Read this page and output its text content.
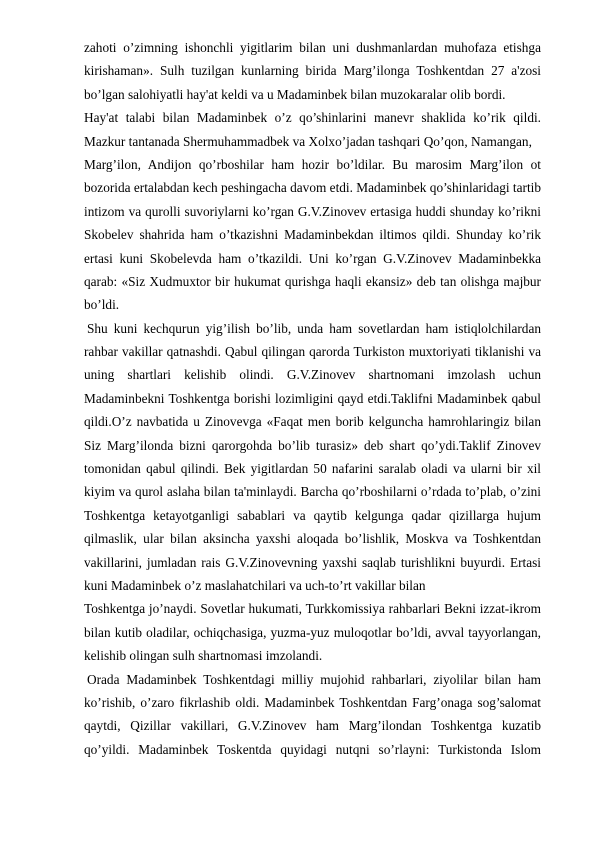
zahoti o’zimning ishonchli yigitlarim bilan uni dushmanlardan muhofaza etishga
kirishaman». Sulh tuzilgan kunlarning birida Marg’ilonga Toshkentdan 27 a'zosi
bo’lgan salohiyatli hay'at keldi va u Madaminbek bilan muzokaralar olib bordi.
Hay'at talabi bilan Madaminbek o’z qo’shinlarini manevr shaklida ko’rik qildi.
Mazkur tantanada Shermuhammadbek va Xolxo’jadan tashqari Qo’qon, Namangan,
Marg’ilon, Andijon qo’rboshilar ham hozir bo’ldilar. Bu marosim Marg’ilon ot
bozorida ertalabdan kech peshingacha davom etdi. Madaminbek qo’shinlaridagi tartib
intizom va qurolli suvoriylarni ko’rgan G.V.Zinovev ertasiga huddi shunday ko’rikni
Skobelev shahrida ham o’tkazishni Madaminbekdan iltimos qildi. Shunday ko’rik
ertasi kuni Skobelevda ham o’tkazildi. Uni ko’rgan G.V.Zinovev Madaminbekka
qarab: «Siz Xudmuxtor bir hukumat qurishga haqli ekansiz» deb tan olishga majbur
bo’ldi.
Shu kuni kechqurun yig’ilish bo’lib, unda ham sovetlardan ham istiqlolchilardan
rahbar vakillar qatnashdi. Qabul qilingan qarorda Turkiston muxtoriyati tiklanishi va
uning shartlari kelishib olindi. G.V.Zinovev shartnomani imzolash uchun
Madaminbekni Toshkentga borishi lozimligini qayd etdi.Taklifni Madaminbek qabul
qildi.O’z navbatida u Zinovevga «Faqat men borib kelguncha hamrohlaringiz bilan
Siz Marg’ilonda bizni qarorgohda bo’lib turasiz» deb shart qo’ydi.Taklif Zinovev
tomonidan qabul qilindi. Bek yigitlardan 50 nafarini saralab oladi va ularni bir xil
kiyim va qurol aslaha bilan ta'minlaydi. Barcha qo’rboshilarni o’rdada to’plab, o’zini
Toshkentga ketayotganligi sabablari va qaytib kelgunga qadar qizillarga hujum
qilmaslik, ular bilan aksincha yaxshi aloqada bo’lishlik, Moskva va Toshkentdan
vakillarini, jumladan rais G.V.Zinovevning yaxshi saqlab turishlikni buyurdi. Ertasi
kuni Madaminbek o’z maslahatchilari va uch-to’rt vakillar bilan
Toshkentga jo’naydi. Sovetlar hukumati, Turkkomissiya rahbarlari Bekni izzat-ikrom
bilan kutib oladilar, ochiqchasiga, yuzma-yuz muloqotlar bo’ldi, avval tayyorlangan,
kelishib olingan sulh shartnomasi imzolandi.
Orada Madaminbek Toshkentdagi milliy mujohid rahbarlari, ziyolilar bilan ham
ko’rishib, o’zaro fikrlashib oldi. Madaminbek Toshkentdan Farg’onaga sog’salomat
qaytdi, Qizillar vakillari, G.V.Zinovev ham Marg’ilondan Toshkentga kuzatib
qo’yildi. Madaminbek Toskentda quyidagi nutqni so’rlayni: Turkistonda Islom
